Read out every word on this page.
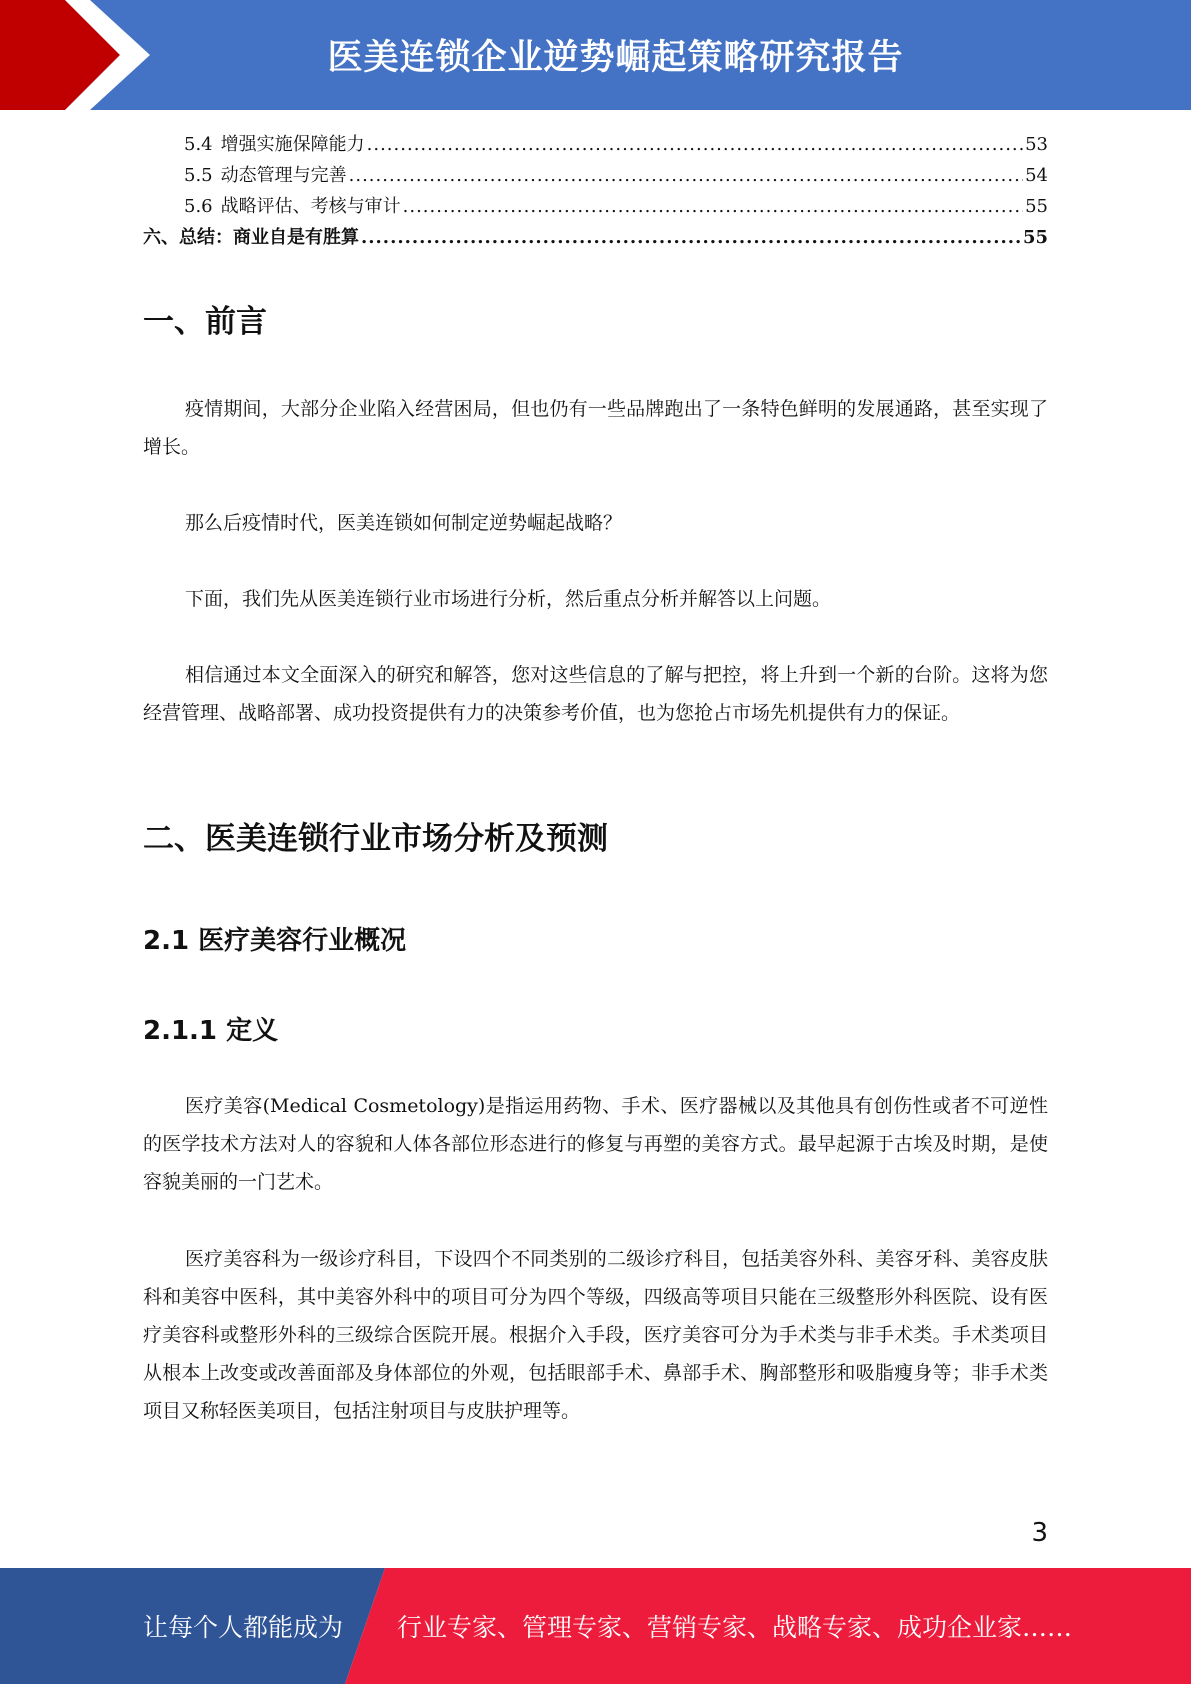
医美连锁企业逆势崛起策略研究报告
5.4 增强实施保障能力 .....	53
5.5 动态管理与完善 .....	54
5.6 战略评估、考核与审计 .....	55
六、总结：商业自是有胜算 .....	55
一、前言

疫情期间，大部分企业陷入经营困局，但也仍有一些品牌跑出了一条特色鲜明的发展通路，甚至实现了增长。

那么后疫情时代，医美连锁如何制定逆势崛起战略？

下面，我们先从医美连锁行业市场进行分析，然后重点分析并解答以上问题。

相信通过本文全面深入的研究和解答，您对这些信息的了解与把控，将上升到一个新的台阶。这将为您经营管理、战略部署、成功投资提供有力的决策参考价值，也为您抢占市场先机提供有力的保证。

二、医美连锁行业市场分析及预测
2.1 医疗美容行业概况
2.1.1 定义

医疗美容(Medical Cosmetology)是指运用药物、手术、医疗器械以及其他具有创伤性或者不可逆性的医学技术方法对人的容貌和人体各部位形态进行的修复与再塑的美容方式。最早起源于古埃及时期，是使容貌美丽的一门艺术。

医疗美容科为一级诊疗科目，下设四个不同类别的二级诊疗科目，包括美容外科、美容牙科、美容皮肤科和美容中医科，其中美容外科中的项目可分为四个等级，四级高等项目只能在三级整形外科医院、设有医疗美容科或整形外科的三级综合医院开展。根据介入手段，医疗美容可分为手术类与非手术类。手术类项目从根本上改变或改善面部及身体部位的外观，包括眼部手术、鼻部手术、胸部整形和吸脂瘦身等；非手术类项目又称轻医美项目，包括注射项目与皮肤护理等。

3
让每个人都能成为 行业专家、管理专家、营销专家、战略专家、成功企业家……
